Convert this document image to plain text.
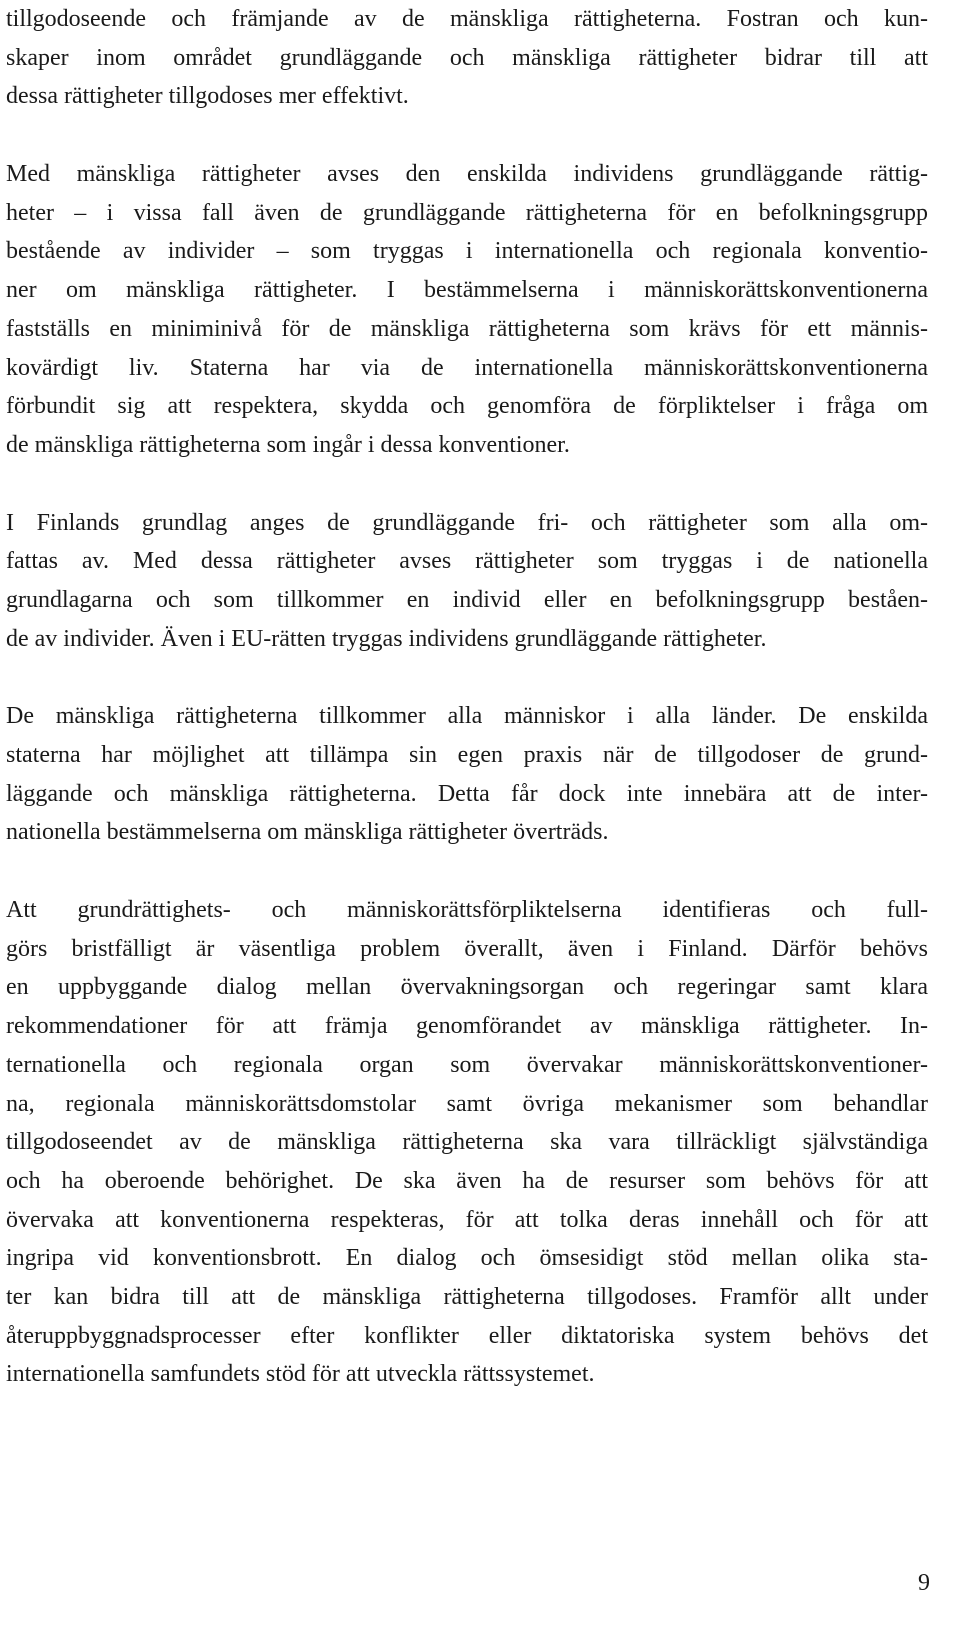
tillgodoseende och främjande av de mänskliga rättigheterna. Fostran och kun-
skaper inom området grundläggande och mänskliga rättigheter bidrar till att
dessa rättigheter tillgodoses mer effektivt.
Med mänskliga rättigheter avses den enskilda individens grundläggande rättig-
heter – i vissa fall även de grundläggande rättigheterna för en befolkningsgrupp
bestående av individer – som tryggas i internationella och regionala konventio-
ner om mänskliga rättigheter. I bestämmelserna i människorättskonventionerna
fastställs en miniminivå för de mänskliga rättigheterna som krävs för ett männis-
kovärdigt liv. Staterna har via de internationella människorättskonventionerna
förbundit sig att respektera, skydda och genomföra de förpliktelser i fråga om
de mänskliga rättigheterna som ingår i dessa konventioner.
I Finlands grundlag anges de grundläggande fri- och rättigheter som alla om-
fattas av. Med dessa rättigheter avses rättigheter som tryggas i de nationella
grundlagarna och som tillkommer en individ eller en befolkningsgrupp beståen-
de av individer. Även i EU-rätten tryggas individens grundläggande rättigheter.
De mänskliga rättigheterna tillkommer alla människor i alla länder. De enskilda
staterna har möjlighet att tillämpa sin egen praxis när de tillgodoser de grund-
läggande och mänskliga rättigheterna. Detta får dock inte innebära att de inter-
nationella bestämmelserna om mänskliga rättigheter överträds.
Att grundrättighets- och människorättsförpliktelserna identifieras och full-
görs bristfälligt är väsentliga problem överallt, även i Finland. Därför behövs
en uppbyggande dialog mellan övervakningsorgan och regeringar samt klara
rekommendationer för att främja genomförandet av mänskliga rättigheter. In-
ternationella och regionala organ som övervakar människorättskonventioner-
na, regionala människorättsdomstolar samt övriga mekanismer som behandlar
tillgodoseendet av de mänskliga rättigheterna ska vara tillräckligt självständiga
och ha oberoende behörighet. De ska även ha de resurser som behövs för att
övervaka att konventionerna respekteras, för att tolka deras innehåll och för att
ingripa vid konventionsbrott. En dialog och ömsesidigt stöd mellan olika sta-
ter kan bidra till att de mänskliga rättigheterna tillgodoses. Framför allt under
återuppbyggnadsprocesser efter konflikter eller diktatoriska system behövs det
internationella samfundets stöd för att utveckla rättssystemet.
9
